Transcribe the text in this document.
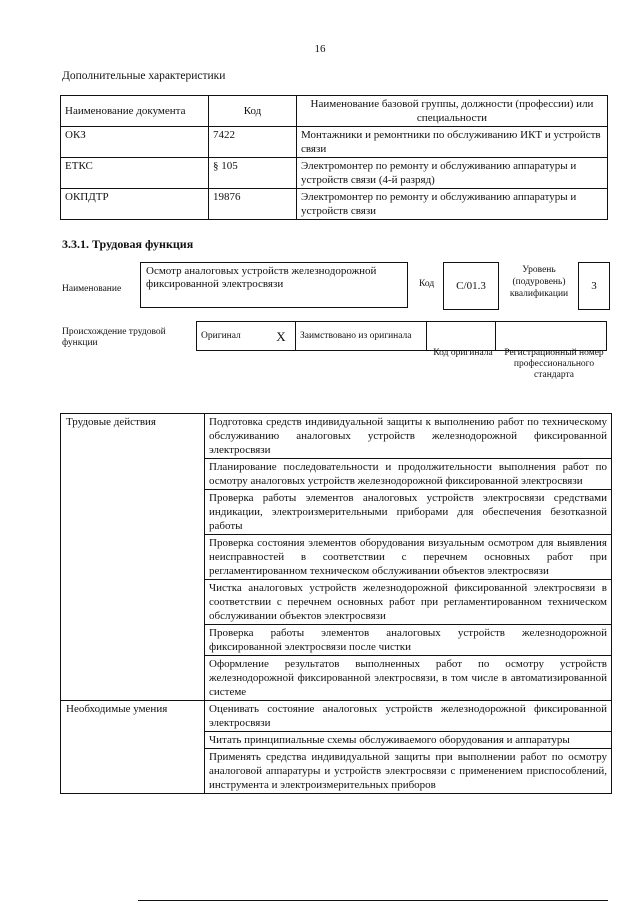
16
Дополнительные характеристики
Наименование документа	Код	Наименование базовой группы, должности (профессии) или специальности
ОКЗ	7422	Монтажники и ремонтники по обслуживанию ИКТ и устройств связи
ЕТКС	§ 105	Электромонтер по ремонту и обслуживанию аппаратуры и устройств связи (4-й разряд)
ОКПДТР	19876	Электромонтер по ремонту и обслуживанию аппаратуры и устройств связи
3.3.1. Трудовая функция
Наименование
Осмотр аналоговых устройств железнодорожной фиксированной электросвязи	Код	С/01.3
Уровень (подуровень) квалификации
3
Происхождение трудовой функции
Оригинал	X	Заимствовано из оригинала		
Код оригинала	Регистрационный номер профессионального стандарта
Трудовые действия	Подготовка средств индивидуальной защиты к выполнению работ по техническому обслуживанию аналоговых устройств железнодорожной фиксированной электросвязи
	Планирование последовательности и продолжительности выполнения работ по осмотру аналоговых устройств железнодорожной фиксированной электросвязи
	Проверка работы элементов аналоговых устройств электросвязи средствами индикации, электроизмерительными приборами для обеспечения безотказной работы
	Проверка состояния элементов оборудования визуальным осмотром для выявления неисправностей в соответствии с перечнем основных работ при регламентированном техническом обслуживании объектов электросвязи
	Чистка аналоговых устройств железнодорожной фиксированной электросвязи в соответствии с перечнем основных работ при регламентированном техническом обслуживании объектов электросвязи
	Проверка работы элементов аналоговых устройств железнодорожной фиксированной электросвязи после чистки
	Оформление результатов выполненных работ по осмотру устройств железнодорожной фиксированной электросвязи, в том числе в автоматизированной системе
Необходимые умения	Оценивать состояние аналоговых устройств железнодорожной фиксированной электросвязи
	Читать принципиальные схемы обслуживаемого оборудования и аппаратуры
	Применять средства индивидуальной защиты при выполнении работ по осмотру аналоговой аппаратуры и устройств электросвязи с применением приспособлений, инструмента и электроизмерительных приборов
